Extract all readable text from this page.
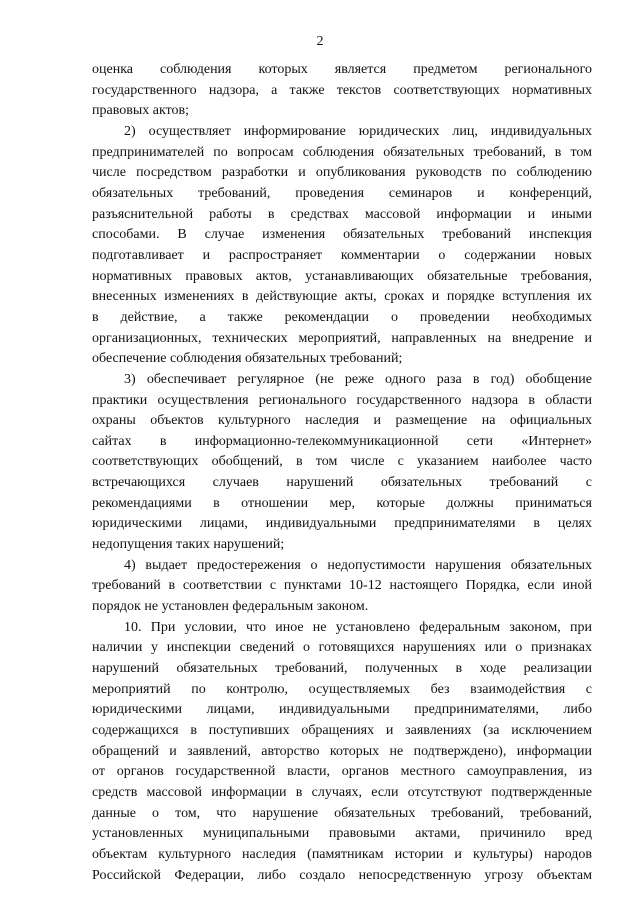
2
оценка соблюдения которых является предметом регионального
государственного надзора, а также текстов соответствующих нормативных
правовых актов;
2) осуществляет информирование юридических лиц, индивидуальных
предпринимателей по вопросам соблюдения обязательных требований, в том
числе посредством разработки и опубликования руководств по соблюдению
обязательных требований, проведения семинаров и конференций,
разъяснительной работы в средствах массовой информации и иными
способами. В случае изменения обязательных требований инспекция
подготавливает и распространяет комментарии о содержании новых
нормативных правовых актов, устанавливающих обязательные требования,
внесенных изменениях в действующие акты, сроках и порядке вступления их
в действие, а также рекомендации о проведении необходимых
организационных, технических мероприятий, направленных на внедрение и
обеспечение соблюдения обязательных требований;
3) обеспечивает регулярное (не реже одного раза в год) обобщение
практики осуществления регионального государственного надзора в области
охраны объектов культурного наследия и размещение на официальных
сайтах в информационно-телекоммуникационной сети «Интернет»
соответствующих обобщений, в том числе с указанием наиболее часто
встречающихся случаев нарушений обязательных требований с
рекомендациями в отношении мер, которые должны приниматься
юридическими лицами, индивидуальными предпринимателями в целях
недопущения таких нарушений;
4) выдает предостережения о недопустимости нарушения обязательных
требований в соответствии с пунктами 10-12 настоящего Порядка, если иной
порядок не установлен федеральным законом.
10. При условии, что иное не установлено федеральным законом, при
наличии у инспекции сведений о готовящихся нарушениях или о признаках
нарушений обязательных требований, полученных в ходе реализации
мероприятий по контролю, осуществляемых без взаимодействия с
юридическими лицами, индивидуальными предпринимателями, либо
содержащихся в поступивших обращениях и заявлениях (за исключением
обращений и заявлений, авторство которых не подтверждено), информации
от органов государственной власти, органов местного самоуправления, из
средств массовой информации в случаях, если отсутствуют подтвержденные
данные о том, что нарушение обязательных требований, требований,
установленных муниципальными правовыми актами, причинило вред
объектам культурного наследия (памятникам истории и культуры) народов
Российской Федерации, либо создало непосредственную угрозу объектам
